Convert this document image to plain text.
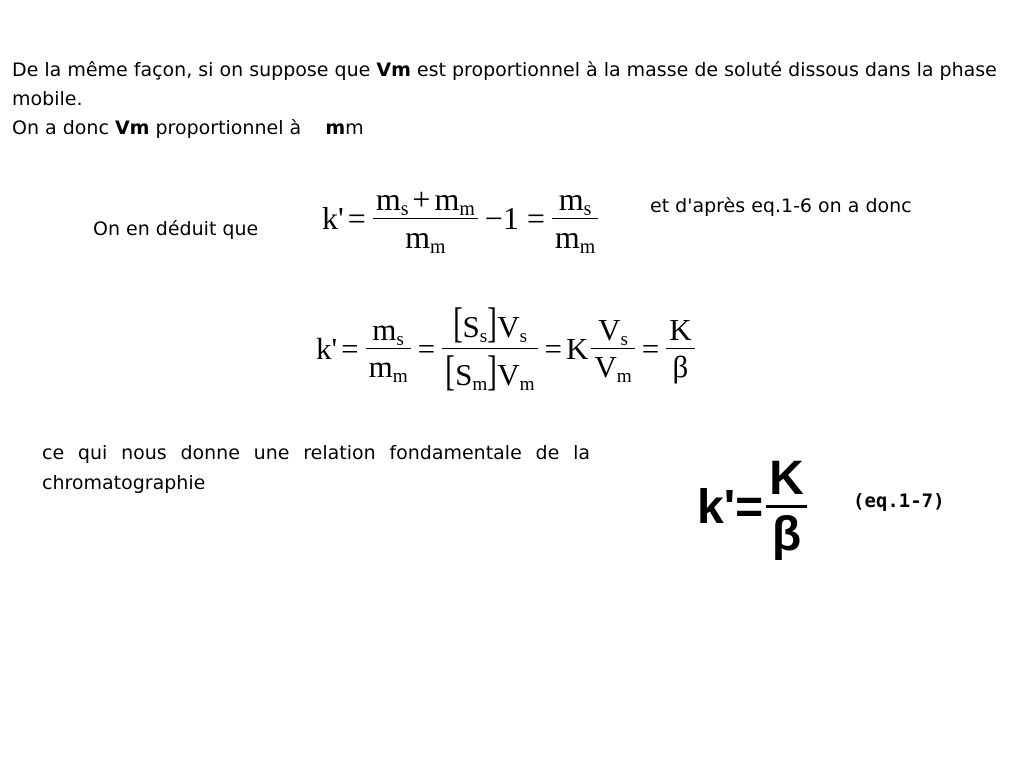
De la même façon, si on suppose que Vm est proportionnel à la masse de soluté dissous dans la phase mobile.
On a donc Vm proportionnel à    mm

On en déduit que

et d'après eq.1-6 on a donc

$k' = \frac{m_s + m_m}{m_m} -1 = \frac{m_s}{m_m}$
$k' = \frac{m_s}{m_m} = \frac{[S_s]V_s}{[S_m]V_m} = K \frac{V_s}{V_m} = \frac{K}{\beta}$

ce qui nous donne une relation fondamentale de la chromatographie	$k' = \frac{K}{\beta} (eq.1-7)$
